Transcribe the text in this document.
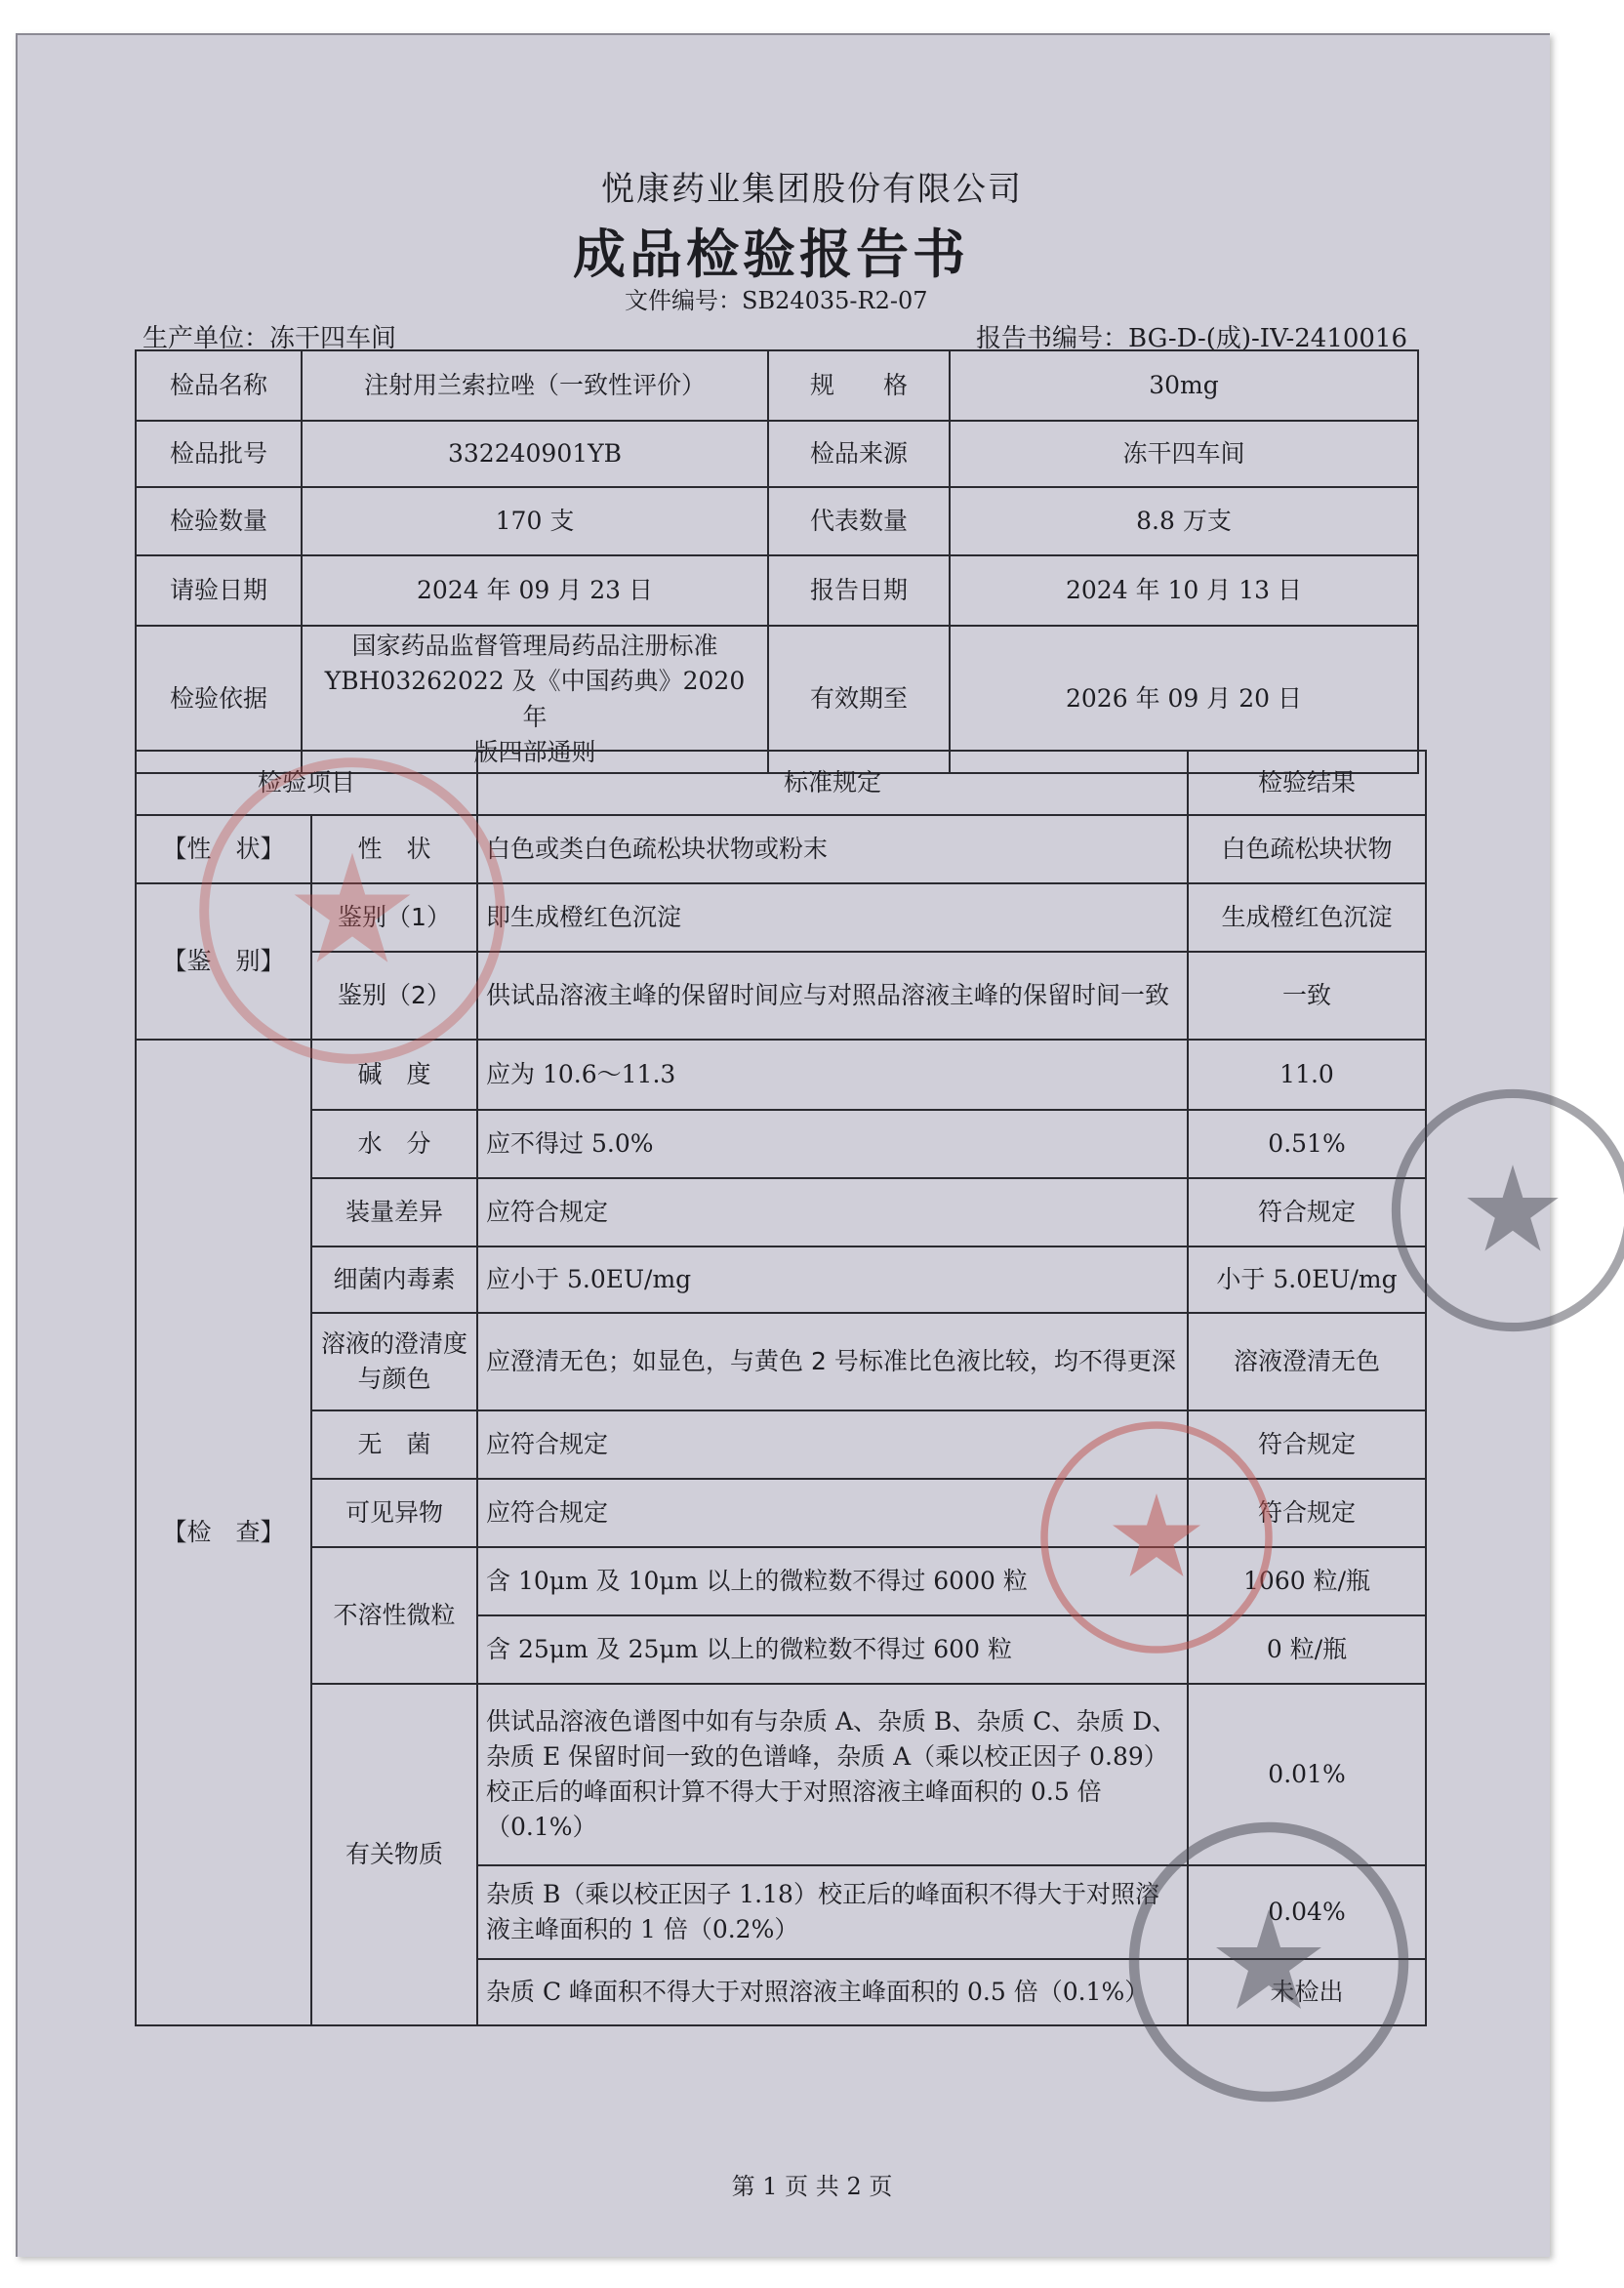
悦康药业集团股份有限公司
成品检验报告书
文件编号：SB24035-R2-07
生产单位：冻干四车间	报告书编号：BG-D-(成)-IV-2410016
检品名称	注射用兰索拉唑（一致性评价）	规　　格	30mg
检品批号	332240901YB	检品来源	冻干四车间
检验数量	170 支	代表数量	8.8 万支
请验日期	2024 年 09 月 23 日	报告日期	2024 年 10 月 13 日
检验依据	国家药品监督管理局药品注册标准
YBH03262022 及《中国药典》2020 年
版四部通则	有效期至	2026 年 09 月 20 日
检验项目		标准规定	检验结果
【性　状】	性　状	白色或类白色疏松块状物或粉末	白色疏松块状物
【鉴　别】	鉴别（1）	即生成橙红色沉淀	生成橙红色沉淀
	鉴别（2）	供试品溶液主峰的保留时间应与对照品溶液主峰的保留时间一致	一致
【检　查】	碱　度	应为 10.6～11.3	11.0
	水　分	应不得过 5.0%	0.51%
	装量差异	应符合规定	符合规定
	细菌内毒素	应小于 5.0EU/mg	小于 5.0EU/mg
	溶液的澄清度与颜色	应澄清无色；如显色，与黄色 2 号标准比色液比较，均不得更深	溶液澄清无色
	无　菌	应符合规定	符合规定
	可见异物	应符合规定	符合规定
	不溶性微粒	含 10μm 及 10μm 以上的微粒数不得过 6000 粒	1060 粒/瓶
		含 25μm 及 25μm 以上的微粒数不得过 600 粒	0 粒/瓶
	有关物质	供试品溶液色谱图中如有与杂质 A、杂质 B、杂质 C、杂质 D、杂质 E 保留时间一致的色谱峰，杂质 A（乘以校正因子 0.89）校正后的峰面积计算不得大于对照溶液主峰面积的 0.5 倍（0.1%）	0.01%
		杂质 B（乘以校正因子 1.18）校正后的峰面积不得大于对照溶液主峰面积的 1 倍（0.2%）	0.04%
		杂质 C 峰面积不得大于对照溶液主峰面积的 0.5 倍（0.1%）	未检出
第 1 页 共 2 页
